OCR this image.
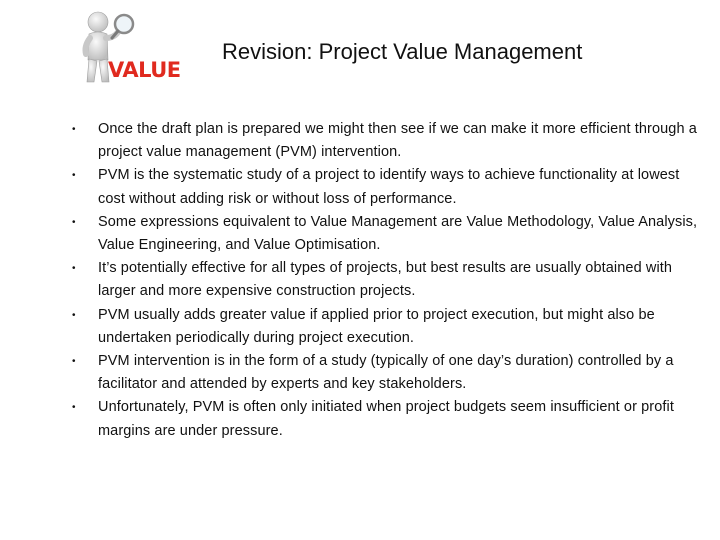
VALUE
Revision: Project Value Management
• Once the draft plan is prepared we might then see if we can make it more efficient through a project value management (PVM) intervention.
• PVM is the systematic study of a project to identify ways to achieve functionality at lowest cost without adding risk or without loss of performance.
• Some expressions equivalent to Value Management are Value Methodology, Value Analysis, Value Engineering, and Value Optimisation.
• It’s potentially effective for all types of projects, but best results are usually obtained with larger and more expensive construction projects.
• PVM usually adds greater value if applied prior to project execution, but might also be undertaken periodically during project execution.
• PVM intervention is in the form of a study (typically of one day’s duration) controlled by a facilitator and attended by experts and key stakeholders.
• Unfortunately, PVM is often only initiated when project budgets seem insufficient or profit margins are under pressure.
